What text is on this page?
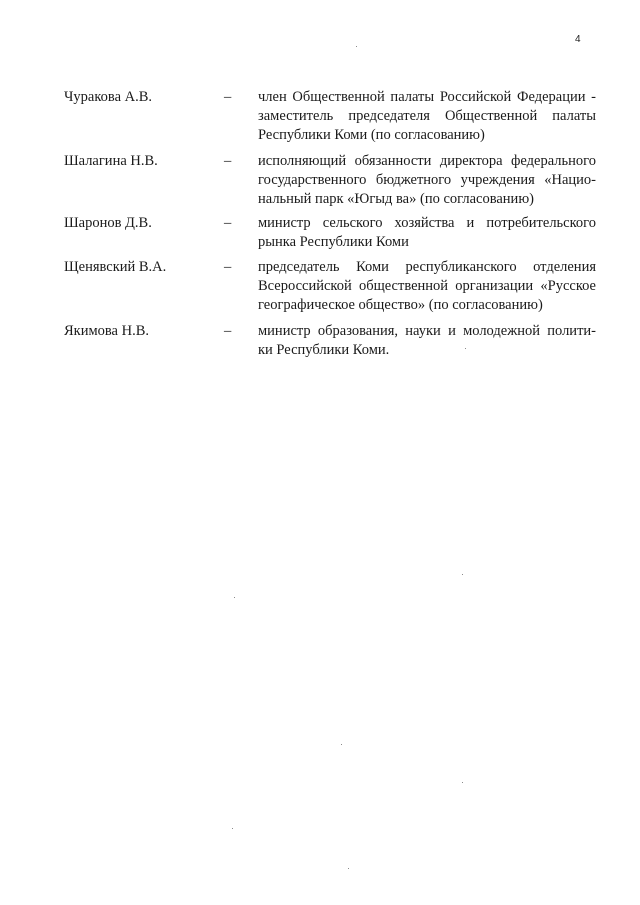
4
Чуракова А.В.	– член Общественной палаты Российской Федерации -
заместитель председателя Общественной палаты
Республики Коми (по согласованию)
Шалагина Н.В.	– исполняющий обязанности директора федерального
государственного бюджетного учреждения «Нацио-
нальный парк «Югыд ва» (по согласованию)
Шаронов Д.В.	– министр сельского хозяйства и потребительского
рынка Республики Коми
Щенявский В.А.	– председатель Коми республиканского отделения
Всероссийской общественной организации «Русское
географическое общество» (по согласованию)
Якимова Н.В.	– министр образования, науки и молодежной полити-
ки Республики Коми.
